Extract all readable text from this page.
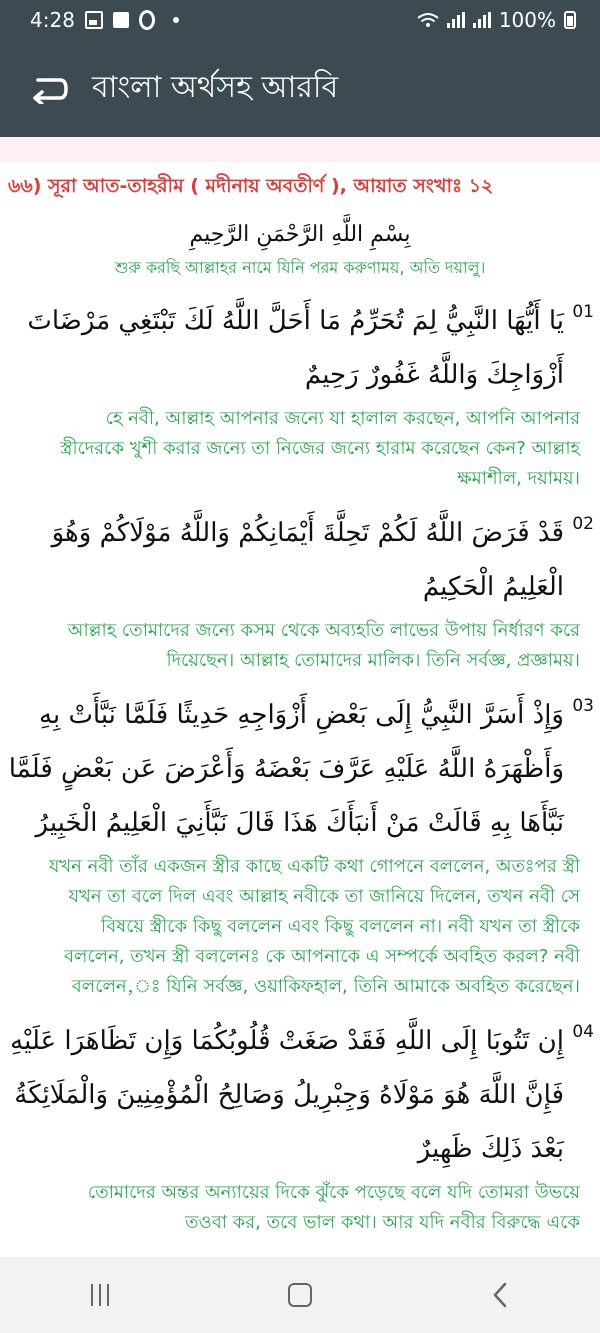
4:28	100%
বাংলা অর্থসহ আরবি
৬৬) সূরা আত-তাহরীম ( মদীনায় অবতীর্ণ ), আয়াত সংখাঃ ১২
بِسْمِ اللَّهِ الرَّحْمَنِ الرَّحِيمِ
শুরু করছি আল্লাহর নামে যিনি পরম করুণাময়, অতি দয়ালু।
01
يَا أَيُّهَا النَّبِيُّ لِمَ تُحَرِّمُ مَا أَحَلَّ اللَّهُ لَكَ تَبْتَغِي مَرْضَاتَ أَزْوَاجِكَ وَاللَّهُ غَفُورٌ رَحِيمٌ
হে নবী, আল্লাহ আপনার জন্যে যা হালাল করছেন, আপনি আপনার স্ত্রীদেরকে খুশী করার জন্যে তা নিজের জন্যে হারাম করেছেন কেন? আল্লাহ ক্ষমাশীল, দয়াময়।
02
قَدْ فَرَضَ اللَّهُ لَكُمْ تَحِلَّةَ أَيْمَانِكُمْ وَاللَّهُ مَوْلَاكُمْ وَهُوَ الْعَلِيمُ الْحَكِيمُ
আল্লাহ তোমাদের জন্যে কসম থেকে অব্যহতি লাভের উপায় নির্ধারণ করে দিয়েছেন। আল্লাহ তোমাদের মালিক। তিনি সর্বজ্ঞ, প্রজ্ঞাময়।
03
وَإِذْ أَسَرَّ النَّبِيُّ إِلَى بَعْضِ أَزْوَاجِهِ حَدِيثًا فَلَمَّا نَبَّأَتْ بِهِ وَأَظْهَرَهُ اللَّهُ عَلَيْهِ عَرَّفَ بَعْضَهُ وَأَعْرَضَ عَن بَعْضٍ فَلَمَّا نَبَّأَهَا بِهِ قَالَتْ مَنْ أَنبَأَكَ هَذَا قَالَ نَبَّأَنِيَ الْعَلِيمُ الْخَبِيرُ
যখন নবী তাঁর একজন স্ত্রীর কাছে একটি কথা গোপনে বললেন, অতঃপর স্ত্রী যখন তা বলে দিল এবং আল্লাহ নবীকে তা জানিয়ে দিলেন, তখন নবী সে বিষয়ে স্ত্রীকে কিছু বললেন এবং কিছু বললেন না। নবী যখন তা স্ত্রীকে বললেন, তখন স্ত্রী বললেনঃ কে আপনাকে এ সম্পর্কে অবহিত করল? নবী বললেন,ঃ যিনি সর্বজ্ঞ, ওয়াকিফহাল, তিনি আমাকে অবহিত করেছেন।
04
إِن تَتُوبَا إِلَى اللَّهِ فَقَدْ صَغَتْ قُلُوبُكُمَا وَإِن تَظَاهَرَا عَلَيْهِ فَإِنَّ اللَّهَ هُوَ مَوْلَاهُ وَجِبْرِيلُ وَصَالِحُ الْمُؤْمِنِينَ وَالْمَلَائِكَةُ بَعْدَ ذَلِكَ ظَهِيرٌ
তোমাদের অন্তর অন্যায়ের দিকে ঝুঁকে পড়েছে বলে যদি তোমরা উভয়ে তওবা কর, তবে ভাল কথা। আর যদি নবীর বিরুদ্ধে একে
